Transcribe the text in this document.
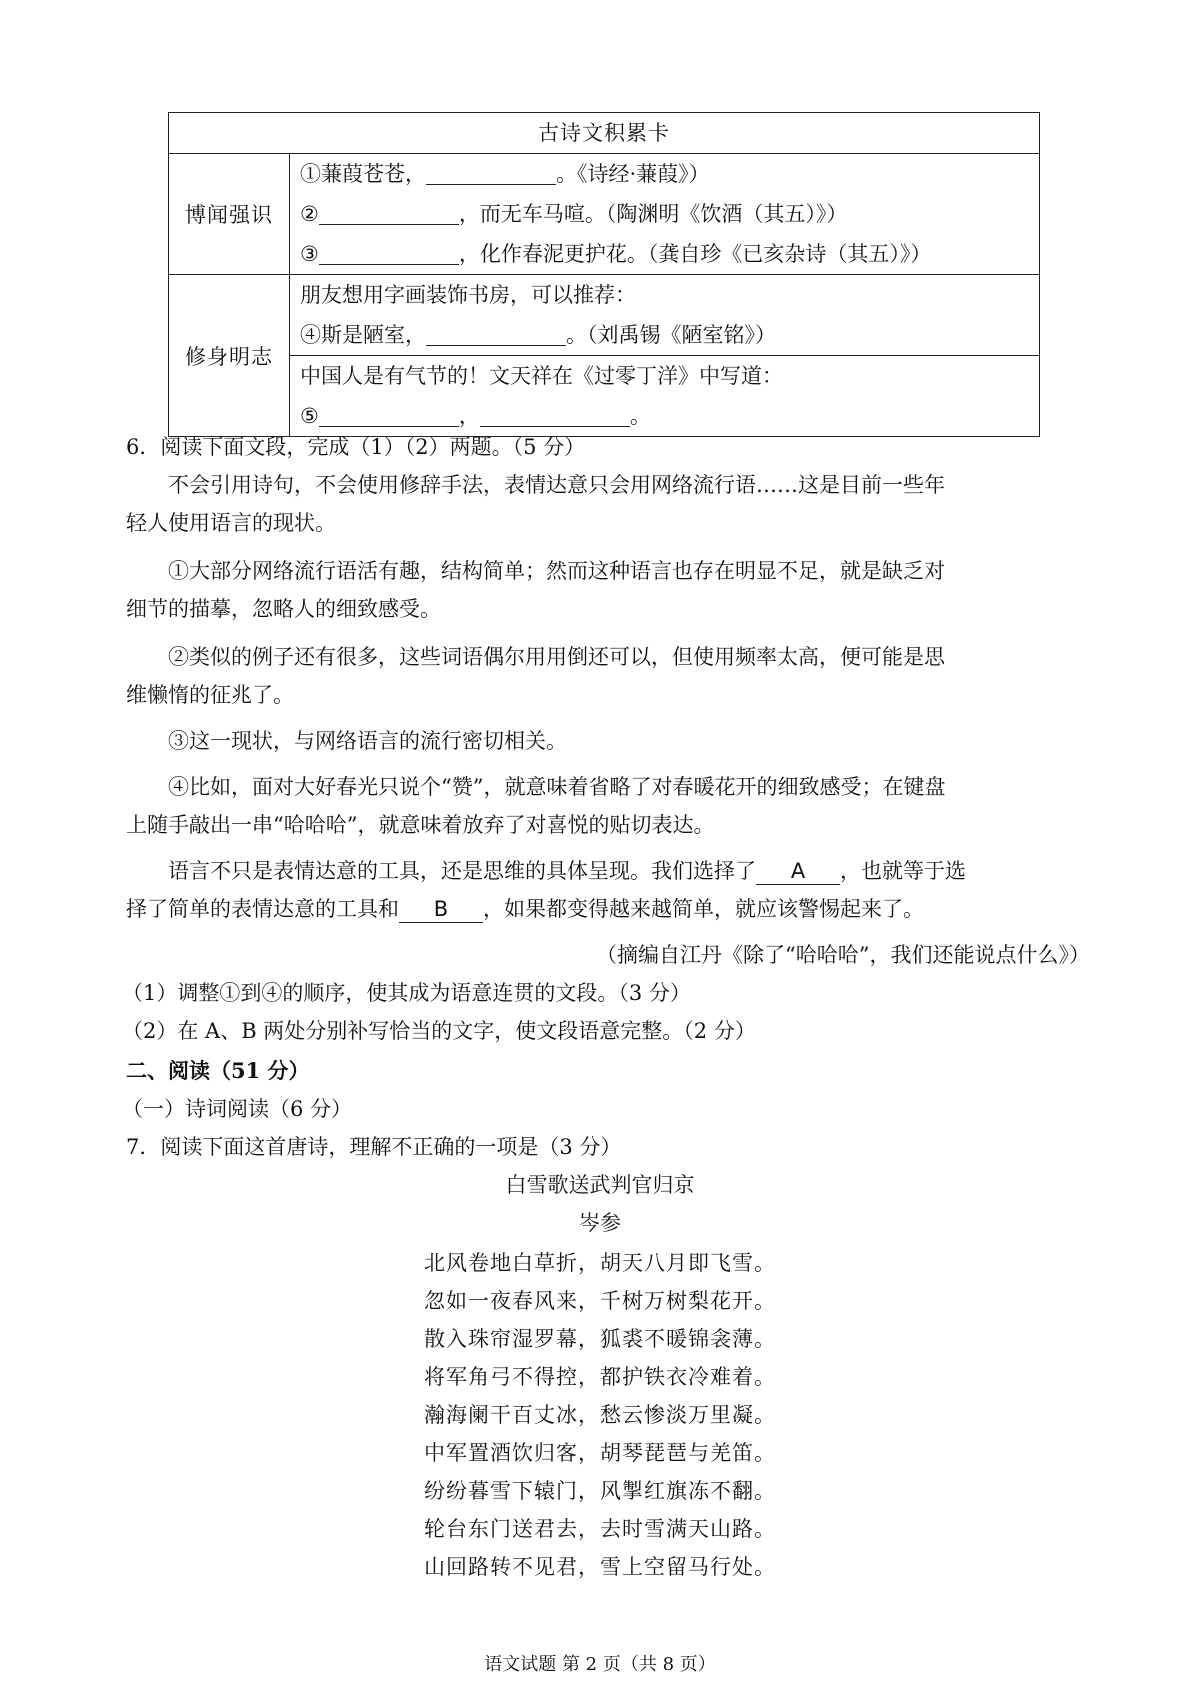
古诗文积累卡
博闻强识
①蒹葭苍苍，	。《诗经·蒹葭》）
②	，而无车马喧。（陶渊明《饮酒（其五）》）
③	，化作春泥更护花。（龚自珍《已亥杂诗（其五）》）
修身明志
朋友想用字画装饰书房，可以推荐：
④斯是陋室，	。（刘禹锡《陋室铭》）
中国人是有气节的！文天祥在《过零丁洋》中写道：
⑤	，	。
6．阅读下面文段，完成（1）（2）两题。（5 分）
不会引用诗句，不会使用修辞手法，表情达意只会用网络流行语……这是目前一些年
轻人使用语言的现状。
①大部分网络流行语活有趣，结构简单；然而这种语言也存在明显不足，就是缺乏对
细节的描摹，忽略人的细致感受。
②类似的例子还有很多，这些词语偶尔用用倒还可以，但使用频率太高，便可能是思
维懒惰的征兆了。
③这一现状，与网络语言的流行密切相关。
④比如，面对大好春光只说个“赞”，就意味着省略了对春暖花开的细致感受；在键盘
上随手敲出一串“哈哈哈”，就意味着放弃了对喜悦的贴切表达。
语言不只是表情达意的工具，还是思维的具体呈现。我们选择了 A ，也就等于选
择了简单的表情达意的工具和 B ，如果都变得越来越简单，就应该警惕起来了。
（摘编自江丹《除了“哈哈哈”，我们还能说点什么》）
（1）调整①到④的顺序，使其成为语意连贯的文段。（3 分）
（2）在 A、B 两处分别补写恰当的文字，使文段语意完整。（2 分）
二、阅读（51 分）
（一）诗词阅读（6 分）
7．阅读下面这首唐诗，理解不正确的一项是（3 分）
白雪歌送武判官归京
岑参
北风卷地白草折，胡天八月即飞雪。
忽如一夜春风来，千树万树梨花开。
散入珠帘湿罗幕，狐裘不暖锦衾薄。
将军角弓不得控，都护铁衣冷难着。
瀚海阑干百丈冰，愁云惨淡万里凝。
中军置酒饮归客，胡琴琵琶与羌笛。
纷纷暮雪下辕门，风掣红旗冻不翻。
轮台东门送君去，去时雪满天山路。
山回路转不见君，雪上空留马行处。
语文试题 第 2 页（共 8 页）
